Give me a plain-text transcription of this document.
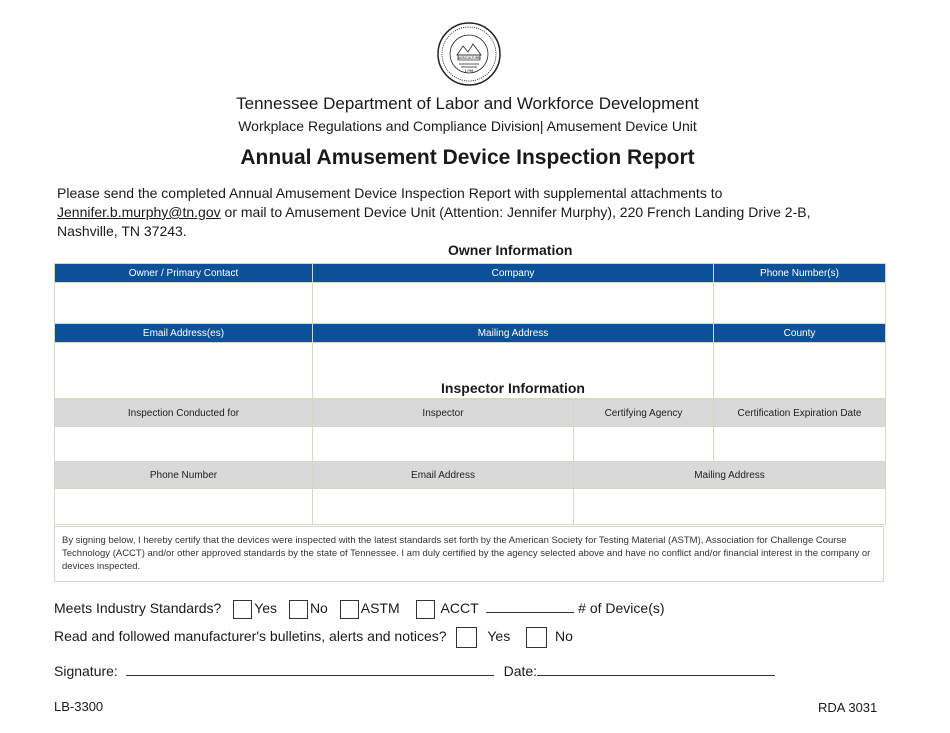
AGRICULTURE
1796
Tennessee Department of Labor and Workforce Development
Workplace Regulations and Compliance Division| Amusement Device Unit
Annual Amusement Device Inspection Report
Please send the completed Annual Amusement Device Inspection Report with supplemental attachments to
Jennifer.b.murphy@tn.gov or mail to Amusement Device Unit (Attention: Jennifer Murphy), 220 French Landing Drive 2-B,
Nashville, TN 37243.
Owner Information
Owner / Primary Contact	Company	Phone Number(s)

Email Address(es)	Mailing Address	County

	Inspector Information	

Inspection Conducted for	Inspector	Certifying Agency	Certification Expiration Date

Phone Number	Email Address	Mailing Address	

By signing below, I hereby certify that the devices were inspected with the latest standards set forth by the American Society for Testing Material (ASTM), Association for Challenge Course Technology (ACCT) and/or other approved standards by the state of Tennessee. I am duly certified by the agency selected above and have no conflict and/or financial interest in the company or devices inspected.
Meets Industry Standards? Yes No ASTM	ACCT	# of Device(s)
Read and followed manufacturer's bulletins, alerts and notices?	Yes	No
Signature:	Date:
LB-3300	RDA 3031
